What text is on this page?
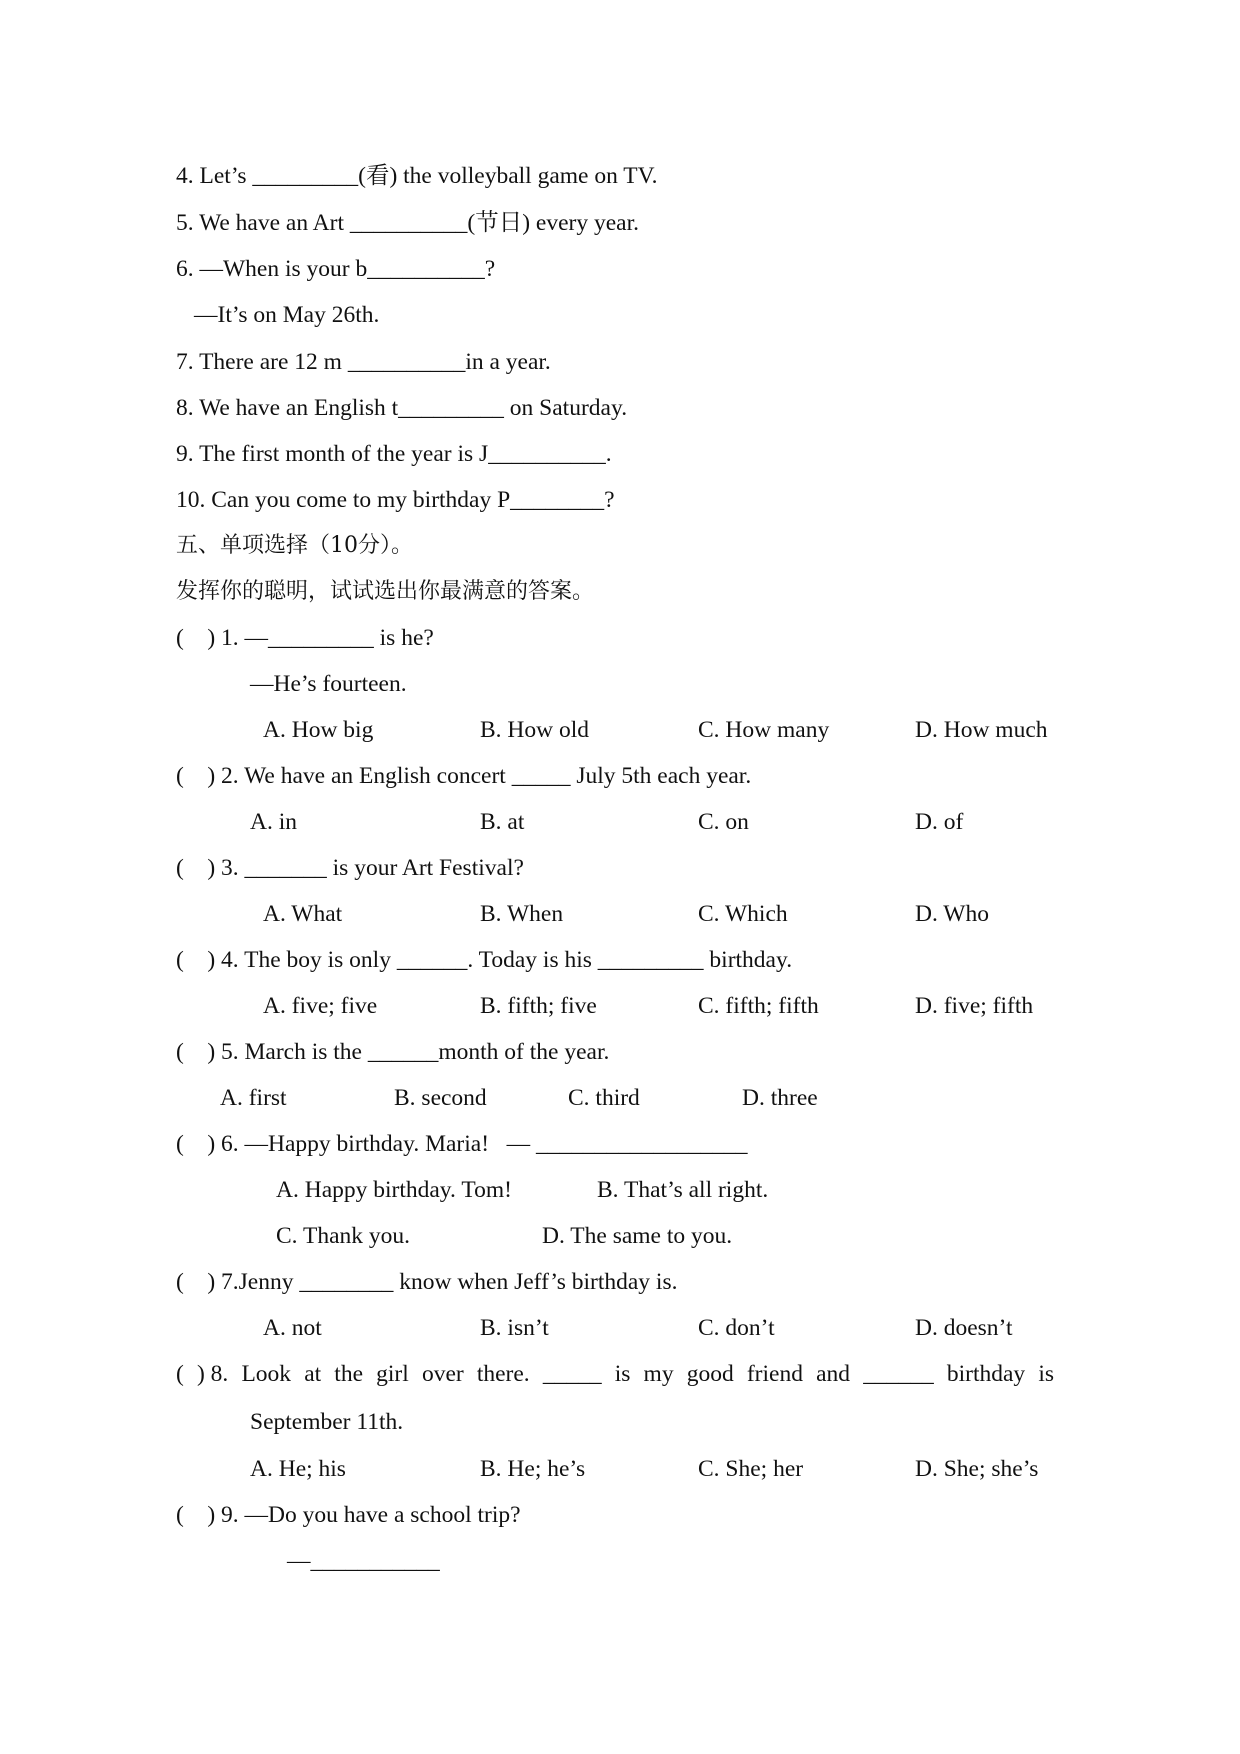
4. Let’s _________(看) the volleyball game on TV.
5. We have an Art __________(节日) every year.
6. —When is your b__________?
—It’s on May 26th.
7. There are 12 m __________in a year.
8. We have an English t_________ on Saturday.
9. The first month of the year is J__________.
10. Can you come to my birthday P________?
五、单项选择（10分）。
发挥你的聪明，试试选出你最满意的答案。
(    ) 1. —_________ is he?
—He’s fourteen.
A. How big	B. How old	C. How many	D. How much
(    ) 2. We have an English concert _____ July 5th each year.
A. in	B. at	C. on	D. of
(    ) 3. _______ is your Art Festival?
A. What	B. When	C. Which	D. Who
(    ) 4. The boy is only ______. Today is his _________ birthday.
A. five; five	B. fifth; five	C. fifth; fifth	D. five; fifth
(    ) 5. March is the ______month of the year.
A. first	B. second	C. third	D. three
(    ) 6. —Happy birthday. Maria!   — __________________
A. Happy birthday. Tom!	B. That’s all right.
C. Thank you.	D. The same to you.
(    ) 7.Jenny ________ know when Jeff’s birthday is.
A. not	B. isn’t	C. don’t	D. doesn’t
( ) 8. Look at the girl over there. _____ is my good friend and ______ birthday is
September 11th.
A. He; his	B. He; he’s	C. She; her	D. She; she’s
(    ) 9. —Do you have a school trip?
—___________
